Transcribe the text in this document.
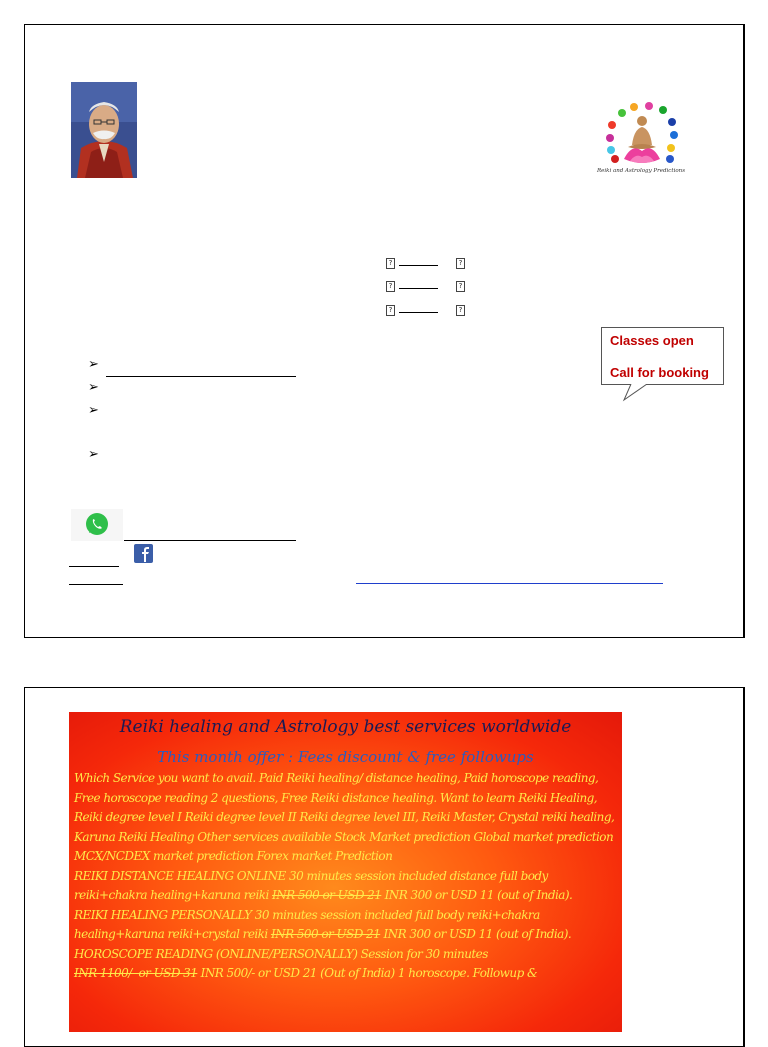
Reiki and Astrology Predictions
?	?
?	?
?	?
Classes open
Call for booking
➢
➢
➢
➢
Reiki healing and Astrology best services worldwide
This month offer : Fees discount & free followups

Which Service you want to avail. Paid Reiki healing/ distance healing, Paid horoscope reading, Free horoscope reading 2 questions, Free Reiki distance healing. Want to learn Reiki Healing, Reiki degree level I Reiki degree level II Reiki degree level III, Reiki Master, Crystal reiki healing, Karuna Reiki Healing Other services available Stock Market prediction Global market prediction MCX/NCDEX market prediction Forex market Prediction

REIKI DISTANCE HEALING ONLINE 30 minutes session included distance full body reiki+chakra healing+karuna reiki INR 500 or USD 21 INR 300 or USD 11 (out of India).

REIKI HEALING PERSONALLY 30 minutes session included full body reiki+chakra healing+karuna reiki+crystal reiki INR 500 or USD 21 INR 300 or USD 11 (out of India).

HOROSCOPE READING (ONLINE/PERSONALLY) Session for 30 minutes
INR 1100/- or USD 31 INR 500/- or USD 21 (Out of India) 1 horoscope. Followup &
